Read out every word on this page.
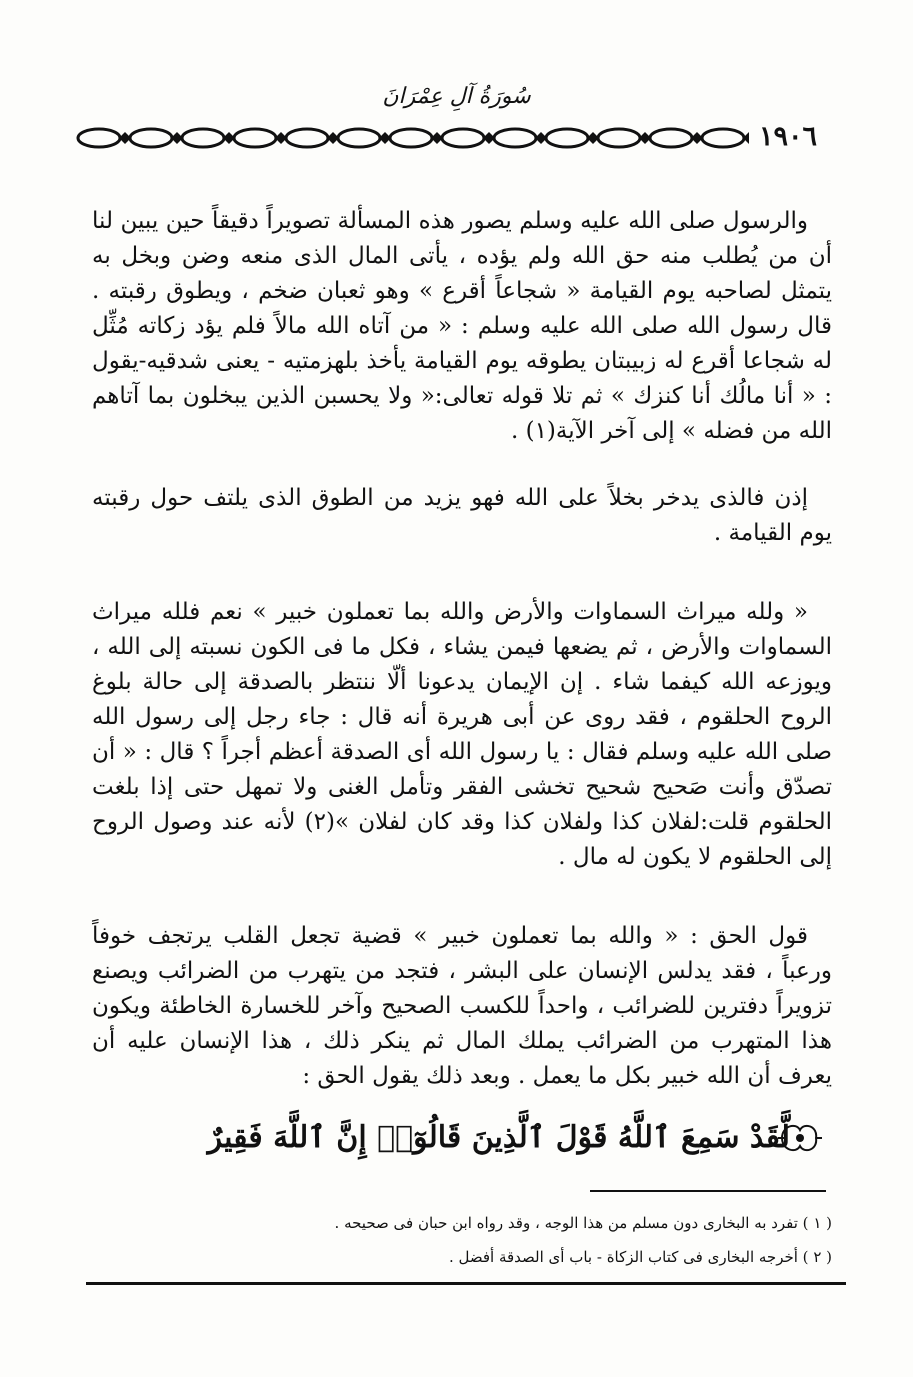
سُورَةُ آلِ عِمْرَانَ
١٩٠٦

والرسول صلى الله عليه وسلم يصور هذه المسألة تصويراً دقيقاً حين يبين لنا أن من يُطلب منه حق الله ولم يؤده ، يأتى المال الذى منعه وضن وبخل به يتمثل لصاحبه يوم القيامة « شجاعاً أقرع » وهو ثعبان ضخم ، ويطوق رقبته . قال رسول الله صلى الله عليه وسلم : « من آتاه الله مالاً فلم يؤد زكاته مُثِّل له شجاعا أقرع له زبيبتان يطوقه يوم القيامة يأخذ بلهزمتيه - يعنى شدقيه-يقول : « أنا مالُك أنا كنزك » ثم تلا قوله تعالى:« ولا يحسبن الذين يبخلون بما آتاهم الله من فضله » إلى آخر الآية(١) .

إذن فالذى يدخر بخلاً على الله فهو يزيد من الطوق الذى يلتف حول رقبته يوم القيامة .

« ولله ميراث السماوات والأرض والله بما تعملون خبير » نعم فلله ميراث السماوات والأرض ، ثم يضعها فيمن يشاء ، فكل ما فى الكون نسبته إلى الله ، ويوزعه الله كيفما شاء . إن الإيمان يدعونا ألّا ننتظر بالصدقة إلى حالة بلوغ الروح الحلقوم ، فقد روى عن أبى هريرة أنه قال : جاء رجل إلى رسول الله صلى الله عليه وسلم فقال : يا رسول الله أى الصدقة أعظم أجراً ؟ قال : « أن تصدّق وأنت صَحيح شحيح تخشى الفقر وتأمل الغنى ولا تمهل حتى إذا بلغت الحلقوم قلت:لفلان كذا ولفلان كذا وقد كان لفلان »(٢) لأنه عند وصول الروح إلى الحلقوم لا يكون له مال .

قول الحق : « والله بما تعملون خبير » قضية تجعل القلب يرتجف خوفاً ورعباً ، فقد يدلس الإنسان على البشر ، فتجد من يتهرب من الضرائب ويصنع تزويراً دفترين للضرائب ، واحداً للكسب الصحيح وآخر للخسارة الخاطئة ويكون هذا المتهرب من الضرائب يملك المال ثم ينكر ذلك ، هذا الإنسان عليه أن يعرف أن الله خبير بكل ما يعمل . وبعد ذلك يقول الحق :

لَّقَدْ سَمِعَ ٱللَّهُ قَوْلَ ٱلَّذِينَ قَالُوٓا۟ إِنَّ ٱللَّهَ فَقِيرٌ
( ١ ) تفرد به البخارى دون مسلم من هذا الوجه ، وقد رواه ابن حبان فى صحيحه .
( ٢ ) أخرجه البخارى فى كتاب الزكاة - باب أى الصدقة أفضل .
